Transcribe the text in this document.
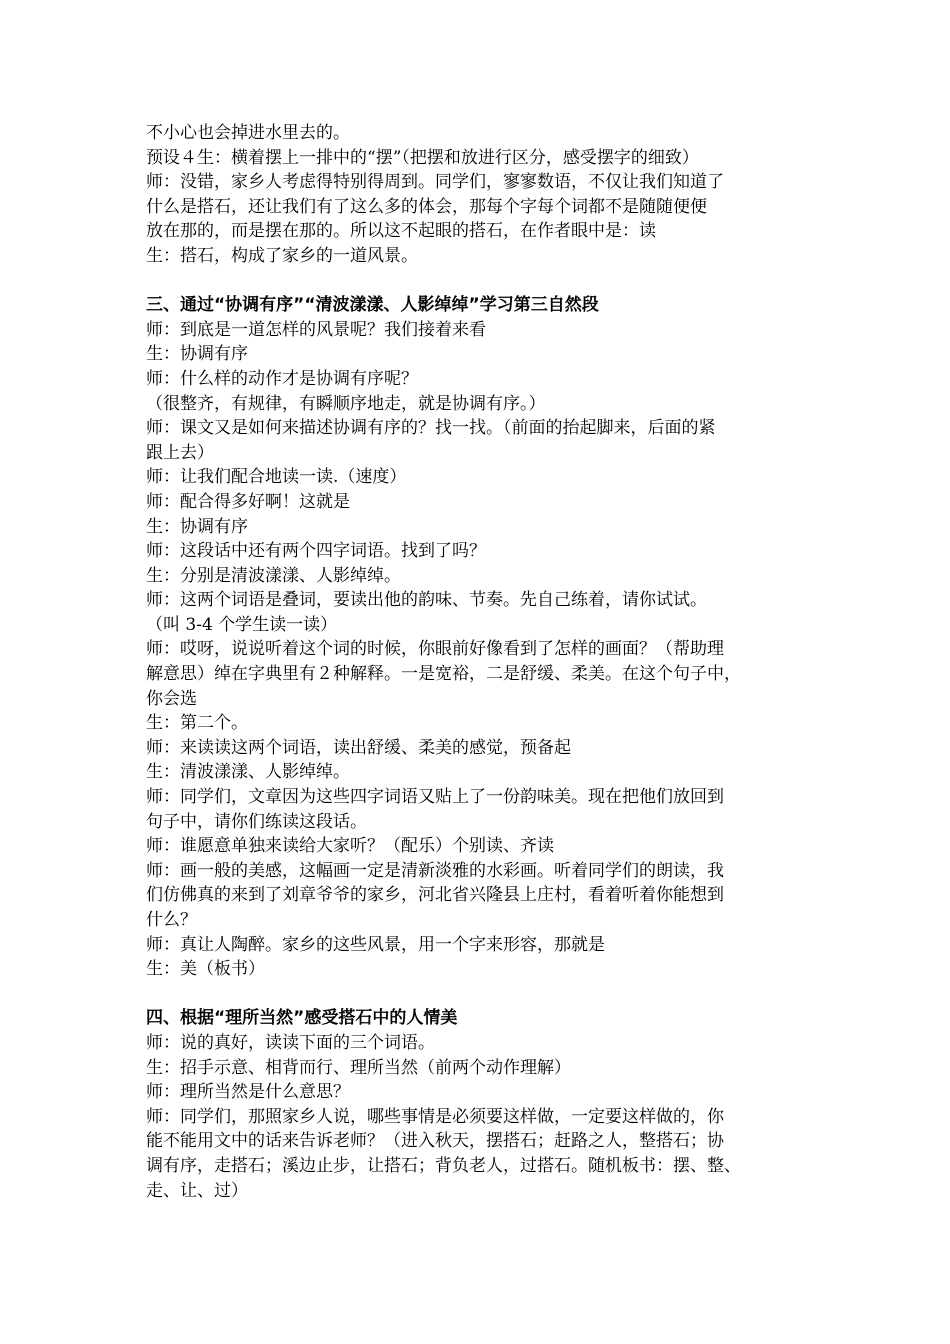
不小心也会掉进水里去的。
预设４生：横着摆上一排中的“摆”（把摆和放进行区分，感受摆字的细致）
师：没错，家乡人考虑得特别得周到。同学们，寥寥数语，不仅让我们知道了
什么是搭石，还让我们有了这么多的体会，那每个字每个词都不是随随便便
放在那的，而是摆在那的。所以这不起眼的搭石，在作者眼中是：读
生：搭石，构成了家乡的一道风景。
三、通过“协调有序”“清波漾漾、人影绰绰”学习第三自然段
师：到底是一道怎样的风景呢？我们接着来看
生：协调有序
师：什么样的动作才是协调有序呢？
（很整齐，有规律，有瞬顺序地走，就是协调有序。）
师：课文又是如何来描述协调有序的？找一找。（前面的抬起脚来，后面的紧
跟上去）
师：让我们配合地读一读.（速度）
师：配合得多好啊！这就是
生：协调有序
师：这段话中还有两个四字词语。找到了吗？
生：分别是清波漾漾、人影绰绰。
师：这两个词语是叠词，要读出他的韵味、节奏。先自己练着，请你试试。
（叫 3-4 个学生读一读）
师：哎呀，说说听着这个词的时候，你眼前好像看到了怎样的画面？（帮助理
解意思）绰在字典里有２种解释。一是宽裕，二是舒缓、柔美。在这个句子中，
你会选
生：第二个。
师：来读读这两个词语，读出舒缓、柔美的感觉，预备起
生：清波漾漾、人影绰绰。
师：同学们，文章因为这些四字词语又贴上了一份韵味美。现在把他们放回到
句子中，请你们练读这段话。
师：谁愿意单独来读给大家听？（配乐）个别读、齐读
师：画一般的美感，这幅画一定是清新淡雅的水彩画。听着同学们的朗读，我
们仿佛真的来到了刘章爷爷的家乡，河北省兴隆县上庄村，看着听着你能想到
什么？
师：真让人陶醉。家乡的这些风景，用一个字来形容，那就是
生：美（板书）
四、根据“理所当然”感受搭石中的人情美
师：说的真好，读读下面的三个词语。
生：招手示意、相背而行、理所当然（前两个动作理解）
师：理所当然是什么意思？
师：同学们，那照家乡人说，哪些事情是必须要这样做，一定要这样做的，你
能不能用文中的话来告诉老师？（进入秋天，摆搭石；赶路之人，整搭石；协
调有序，走搭石；溪边止步，让搭石；背负老人，过搭石。随机板书：摆、整、
走、让、过）
